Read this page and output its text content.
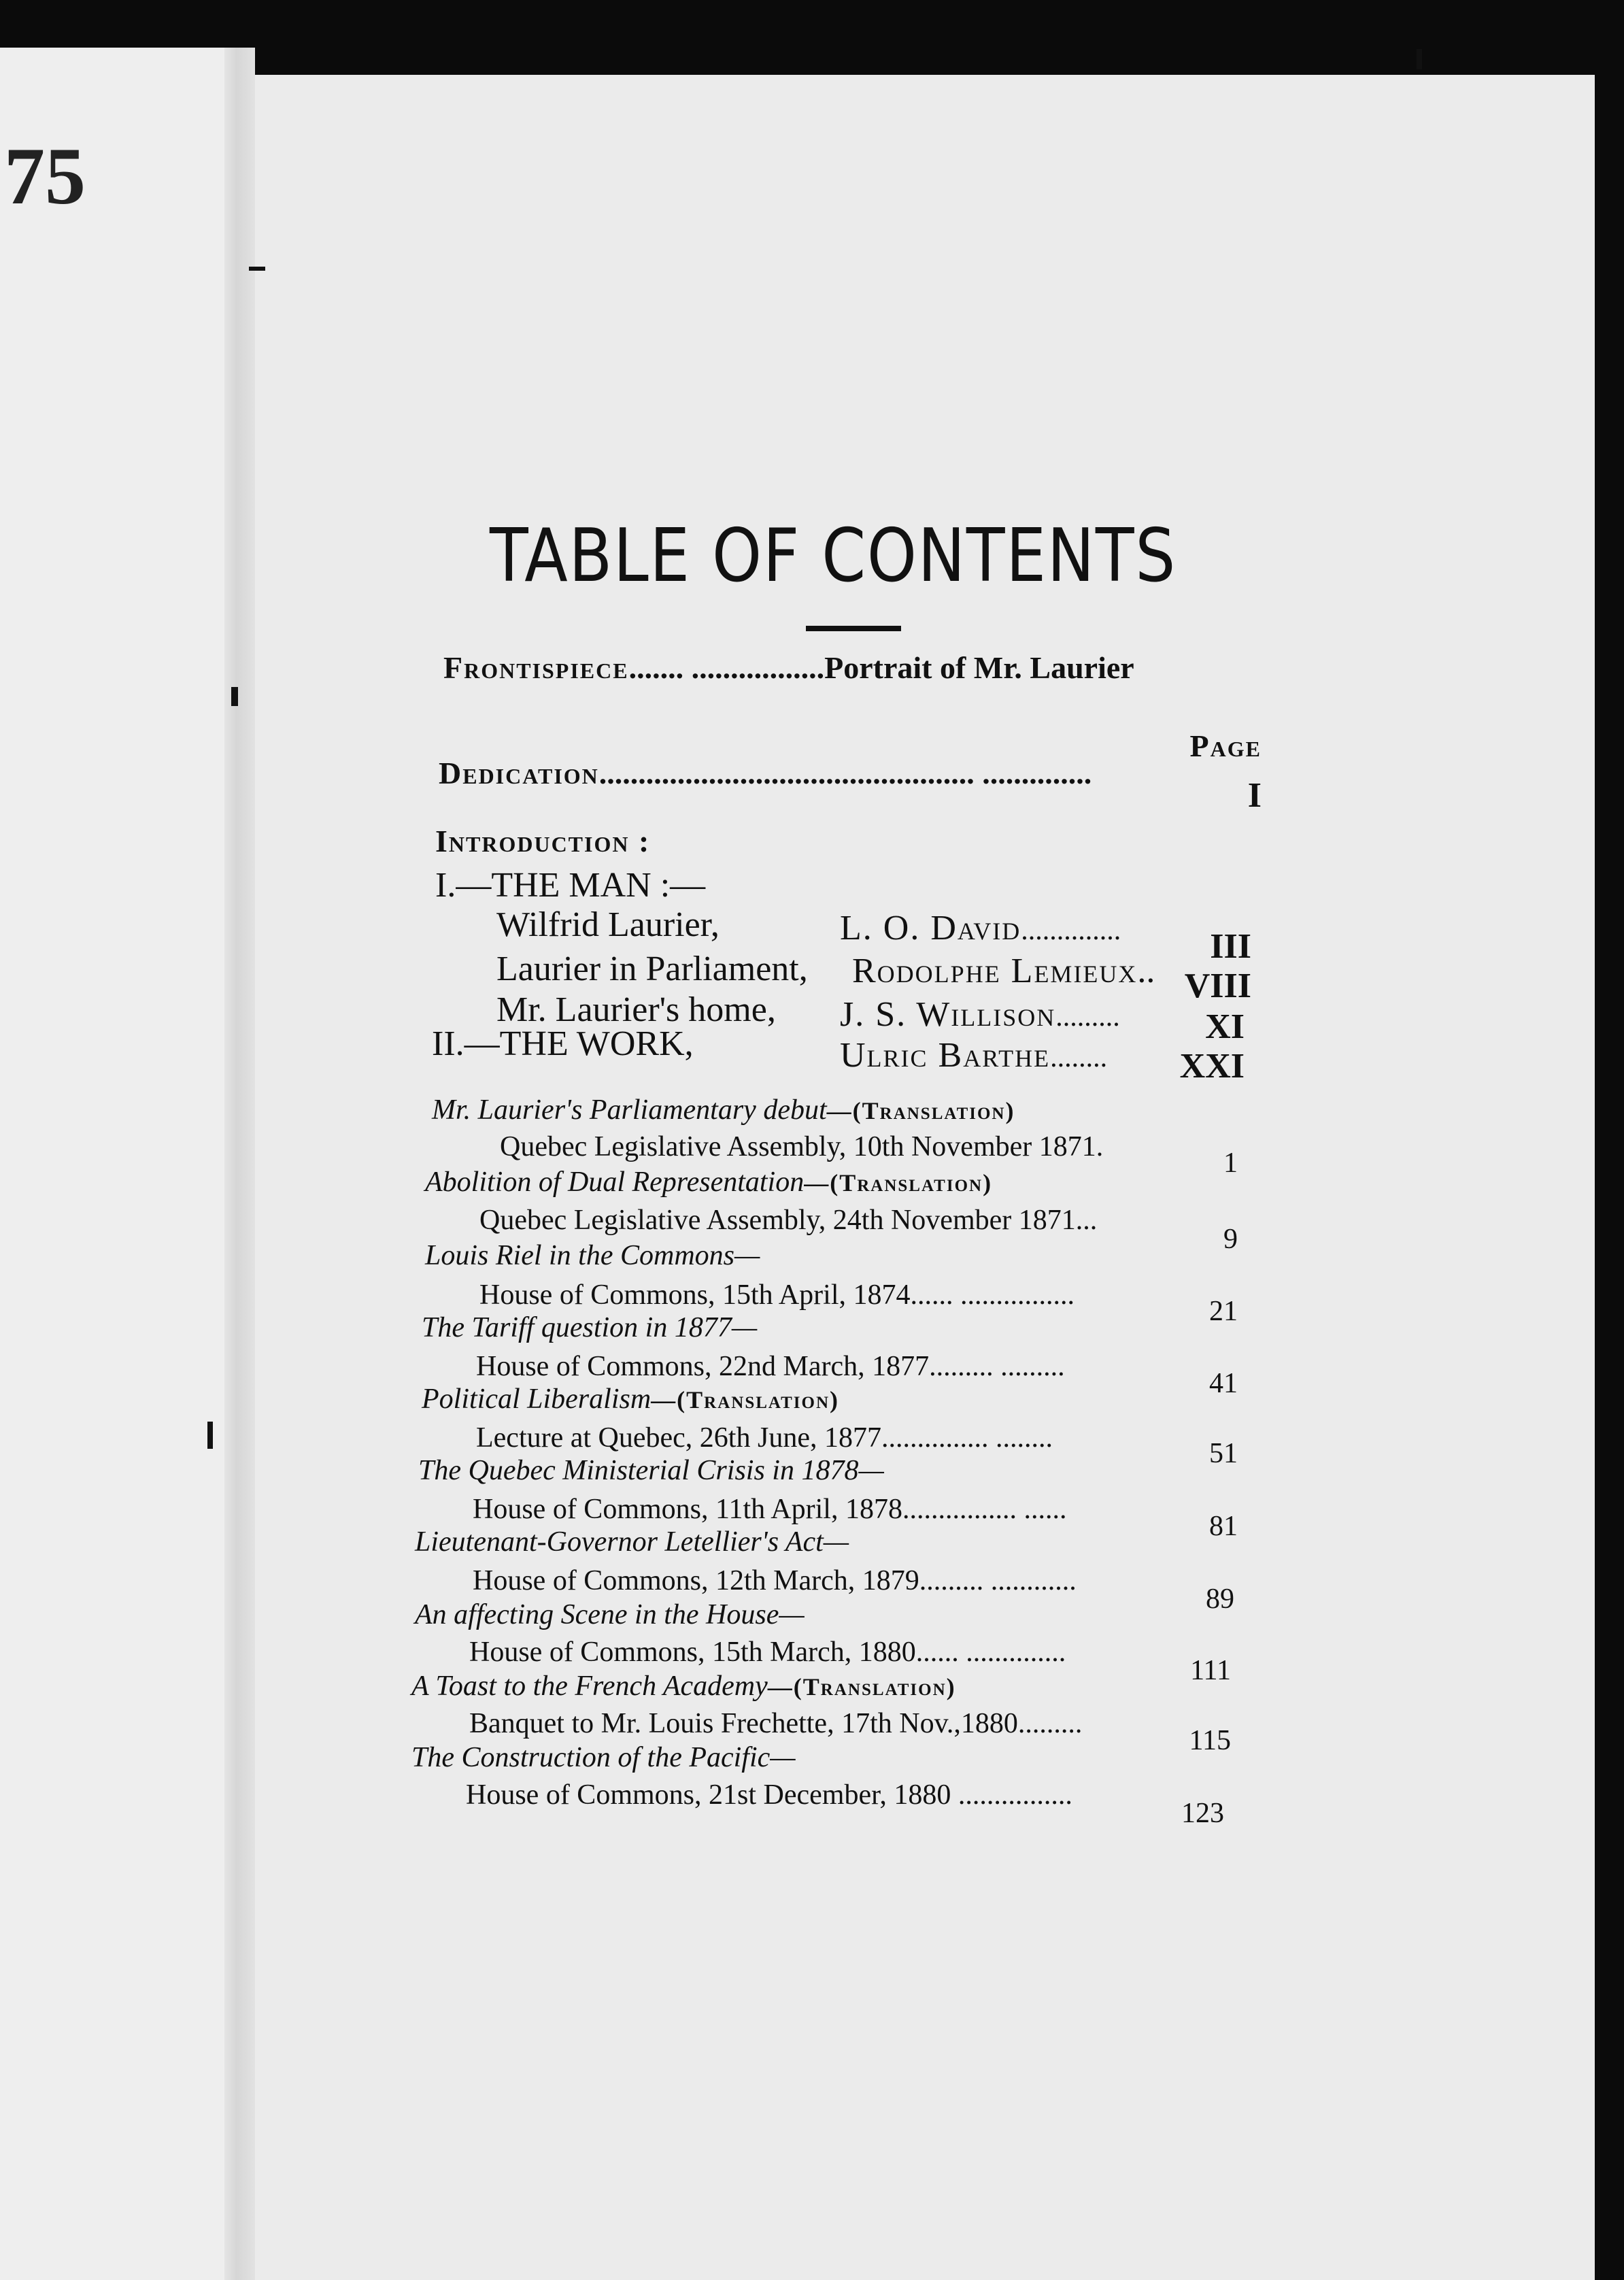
75
TABLE OF CONTENTS
Frontispiece....... .................Portrait of Mr. Laurier
Page
Dedication................................................ ..............
I
Introduction :
I.—THE MAN :—
Wilfrid Laurier,	L. O. David..............	III
Laurier in Parliament, Rodolphe Lemieux.. VIII
Mr. Laurier's home, J. S. Willison.........	XI
II.—THE WORK,	Ulric Barthe........	XXI
Mr. Laurier's Parliamentary debut—(Translation)
Quebec Legislative Assembly, 10th November 1871.
1
Abolition of Dual Representation—(Translation)
Quebec Legislative Assembly, 24th November 1871...
9
Louis Riel in the Commons—
House of Commons, 15th April, 1874...... ................
21
The Tariff question in 1877—
House of Commons, 22nd March, 1877......... .........
41
Political Liberalism—(Translation)
Lecture at Quebec, 26th June, 1877............... ........	51
The Quebec Ministerial Crisis in 1878—
House of Commons, 11th April, 1878................ ......
81
Lieutenant-Governor Letellier's Act—
House of Commons, 12th March, 1879......... ............
89
An affecting Scene in the House—
House of Commons, 15th March, 1880...... ..............
111
A Toast to the French Academy—(Translation)
Banquet to Mr. Louis Frechette, 17th Nov.,1880.........
115
The Construction of the Pacific—
House of Commons, 21st December, 1880 ................
123
